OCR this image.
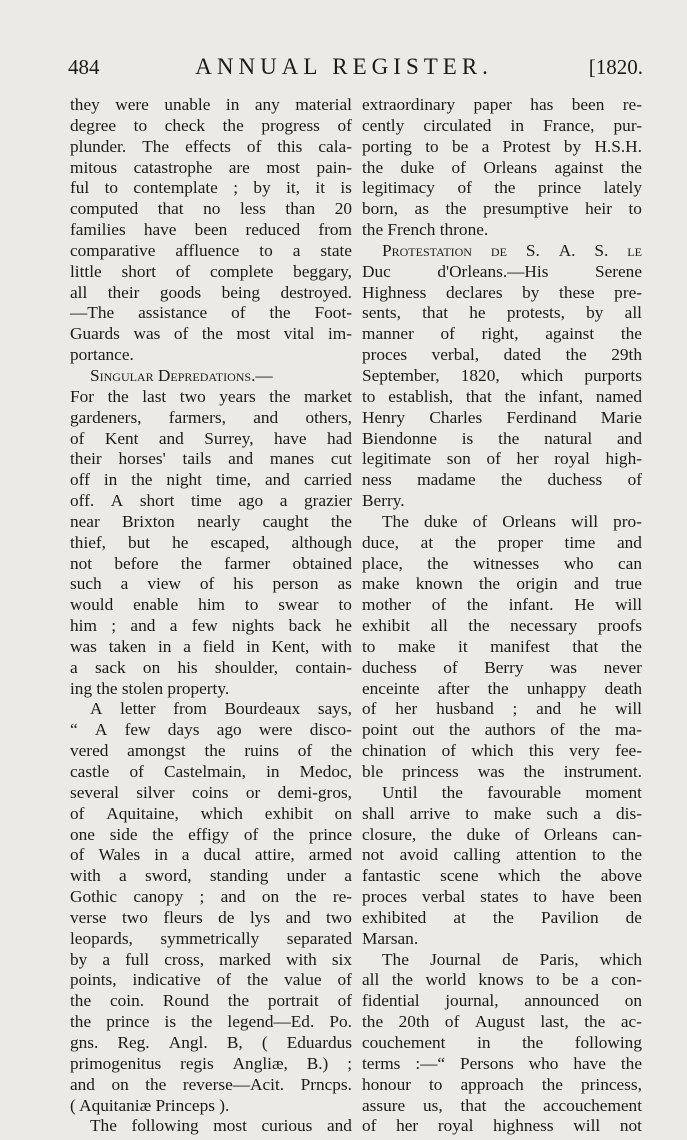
484	ANNUAL REGISTER.	[1820.
they were unable in any material
degree to check the progress of
plunder. The effects of this cala-
mitous catastrophe are most pain-
ful to contemplate ; by it, it is
computed that no less than 20
families have been reduced from
comparative affluence to a state
little short of complete beggary,
all their goods being destroyed.
—The assistance of the Foot-
Guards was of the most vital im-
portance.
Singular Depredations.—
For the last two years the market
gardeners, farmers, and others,
of Kent and Surrey, have had
their horses' tails and manes cut
off in the night time, and carried
off. A short time ago a grazier
near Brixton nearly caught the
thief, but he escaped, although
not before the farmer obtained
such a view of his person as
would enable him to swear to
him ; and a few nights back he
was taken in a field in Kent, with
a sack on his shoulder, contain-
ing the stolen property.
A letter from Bourdeaux says,
“ A few days ago were disco-
vered amongst the ruins of the
castle of Castelmain, in Medoc,
several silver coins or demi-gros,
of Aquitaine, which exhibit on
one side the effigy of the prince
of Wales in a ducal attire, armed
with a sword, standing under a
Gothic canopy ; and on the re-
verse two fleurs de lys and two
leopards, symmetrically separated
by a full cross, marked with six
points, indicative of the value of
the coin. Round the portrait of
the prince is the legend—Ed. Po.
gns. Reg. Angl. B, ( Eduardus
primogenitus regis Angliæ, B.) ;
and on the reverse—Acit. Prncps.
( Aquitaniæ Princeps ).
The following most curious and
extraordinary paper has been re-
cently circulated in France, pur-
porting to be a Protest by H.S.H.
the duke of Orleans against the
legitimacy of the prince lately
born, as the presumptive heir to
the French throne.
Protestation de S. A. S. le
Duc	d'Orleans.—His	Serene
Highness declares by these pre-
sents, that he protests, by all
manner of right, against the
proces verbal, dated the 29th
September, 1820, which purports
to establish, that the infant, named
Henry Charles Ferdinand Marie
Biendonne is the natural and
legitimate son of her royal high-
ness madame the duchess of
Berry.
The duke of Orleans will pro-
duce, at the proper time and
place, the witnesses who can
make known the origin and true
mother of the infant. He will
exhibit all the necessary proofs
to make it manifest that the
duchess of Berry was never
enceinte after the unhappy death
of her husband ; and he will
point out the authors of the ma-
chination of which this very fee-
ble princess was the instrument.
Until the favourable moment
shall arrive to make such a dis-
closure, the duke of Orleans can-
not avoid calling attention to the
fantastic scene which the above
proces verbal states to have been
exhibited at the Pavilion de
Marsan.
The Journal de Paris, which
all the world knows to be a con-
fidential journal, announced on
the 20th of August last, the ac-
couchement in the following
terms :—“ Persons who have the
honour to approach the princess,
assure us, that the accouchement
of her royal highness will not
